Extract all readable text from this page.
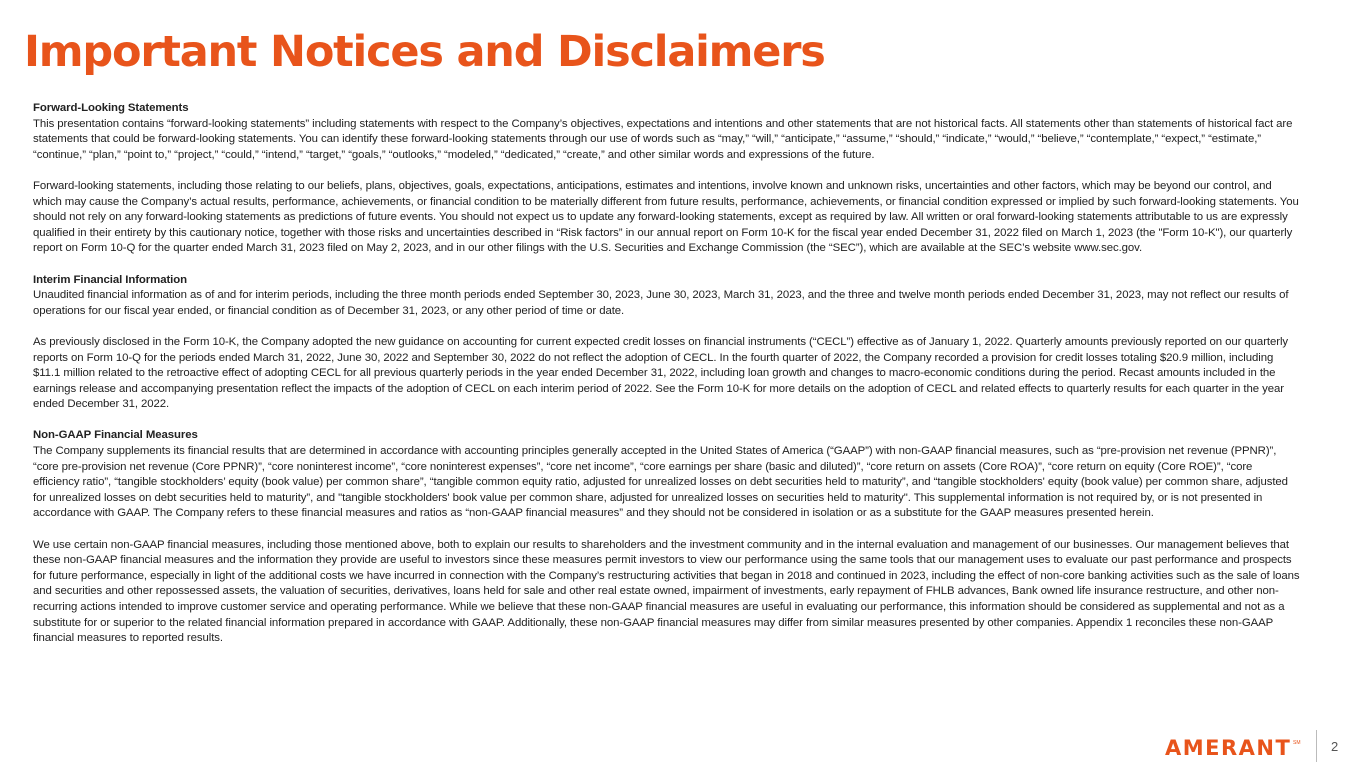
Important Notices and Disclaimers

Forward-Looking Statements
This presentation contains “forward-looking statements” including statements with respect to the Company’s objectives, expectations and intentions and other statements that are not historical facts. All statements other than statements of historical fact are statements that could be forward-looking statements. You can identify these forward-looking statements through our use of words such as “may,” “will,” “anticipate,” “assume,” “should,” “indicate,” “would,” “believe,” “contemplate,” “expect,” “estimate,” “continue,” “plan,” “point to,” “project,” “could,” “intend,” “target,” “goals,” “outlooks,” “modeled,” “dedicated,” “create,” and other similar words and expressions of the future.

Forward-looking statements, including those relating to our beliefs, plans, objectives, goals, expectations, anticipations, estimates and intentions, involve known and unknown risks, uncertainties and other factors, which may be beyond our control, and which may cause the Company’s actual results, performance, achievements, or financial condition to be materially different from future results, performance, achievements, or financial condition expressed or implied by such forward-looking statements. You should not rely on any forward-looking statements as predictions of future events. You should not expect us to update any forward-looking statements, except as required by law. All written or oral forward-looking statements attributable to us are expressly qualified in their entirety by this cautionary notice, together with those risks and uncertainties described in “Risk factors” in our annual report on Form 10-K for the fiscal year ended December 31, 2022 filed on March 1, 2023 (the "Form 10-K"), our quarterly report on Form 10-Q for the quarter ended March 31, 2023 filed on May 2, 2023, and in our other filings with the U.S. Securities and Exchange Commission (the “SEC”), which are available at the SEC’s website www.sec.gov.

Interim Financial Information
Unaudited financial information as of and for interim periods, including the three month periods ended September 30, 2023, June 30, 2023, March 31, 2023, and the three and twelve month periods ended December 31, 2023, may not reflect our results of operations for our fiscal year ended, or financial condition as of December 31, 2023, or any other period of time or date.

As previously disclosed in the Form 10-K, the Company adopted the new guidance on accounting for current expected credit losses on financial instruments (“CECL”) effective as of January 1, 2022. Quarterly amounts previously reported on our quarterly reports on Form 10-Q for the periods ended March 31, 2022, June 30, 2022 and September 30, 2022 do not reflect the adoption of CECL. In the fourth quarter of 2022, the Company recorded a provision for credit losses totaling $20.9 million, including $11.1 million related to the retroactive effect of adopting CECL for all previous quarterly periods in the year ended December 31, 2022, including loan growth and changes to macro-economic conditions during the period. Recast amounts included in the earnings release and accompanying presentation reflect the impacts of the adoption of CECL on each interim period of 2022. See the Form 10-K for more details on the adoption of CECL and related effects to quarterly results for each quarter in the year ended December 31, 2022.

Non-GAAP Financial Measures
The Company supplements its financial results that are determined in accordance with accounting principles generally accepted in the United States of America (“GAAP”) with non-GAAP financial measures, such as “pre-provision net revenue (PPNR)”, “core pre-provision net revenue (Core PPNR)”, “core noninterest income”, “core noninterest expenses”, “core net income”, “core earnings per share (basic and diluted)”, “core return on assets (Core ROA)”, “core return on equity (Core ROE)”, “core efficiency ratio”, “tangible stockholders’ equity (book value) per common share”, “tangible common equity ratio, adjusted for unrealized losses on debt securities held to maturity”, and “tangible stockholders' equity (book value) per common share, adjusted for unrealized losses on debt securities held to maturity”, and "tangible stockholders' book value per common share, adjusted for unrealized losses on securities held to maturity". This supplemental information is not required by, or is not presented in accordance with GAAP. The Company refers to these financial measures and ratios as “non-GAAP financial measures” and they should not be considered in isolation or as a substitute for the GAAP measures presented herein.

We use certain non-GAAP financial measures, including those mentioned above, both to explain our results to shareholders and the investment community and in the internal evaluation and management of our businesses. Our management believes that these non-GAAP financial measures and the information they provide are useful to investors since these measures permit investors to view our performance using the same tools that our management uses to evaluate our past performance and prospects for future performance, especially in light of the additional costs we have incurred in connection with the Company’s restructuring activities that began in 2018 and continued in 2023, including the effect of non-core banking activities such as the sale of loans and securities and other repossessed assets, the valuation of securities, derivatives, loans held for sale and other real estate owned, impairment of investments, early repayment of FHLB advances, Bank owned life insurance restructure, and other non-recurring actions intended to improve customer service and operating performance. While we believe that these non-GAAP financial measures are useful in evaluating our performance, this information should be considered as supplemental and not as a substitute for or superior to the related financial information prepared in accordance with GAAP. Additionally, these non-GAAP financial measures may differ from similar measures presented by other companies. Appendix 1 reconciles these non-GAAP financial measures to reported results.

AMERANT SM 2
